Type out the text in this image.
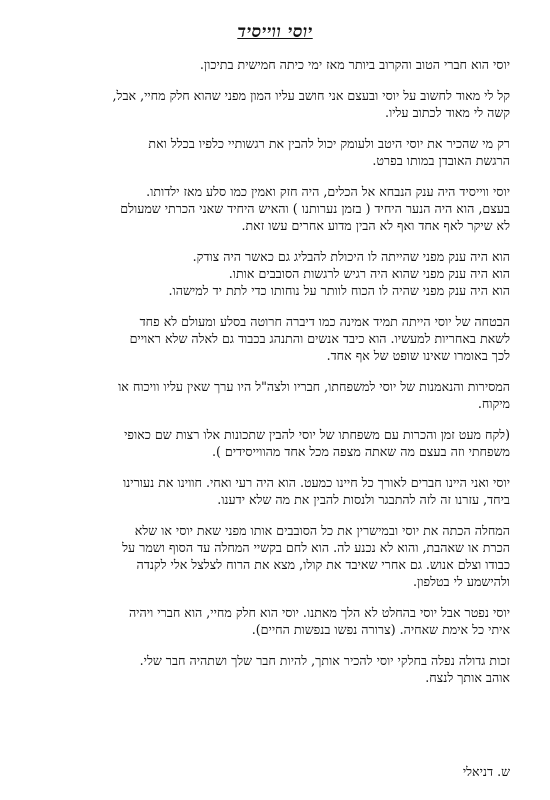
יוסי ווייסיד
יוסי הוא חברי הטוב והקרוב ביותר מאז ימי כיתה חמישית בתיכון.
קל לי מאוד לחשוב על יוסי ובעצם אני חושב עליו המון מפני שהוא חלק מחיי, אבל,
קשה לי מאוד לכתוב עליו.
רק מי שהכיר את יוסי היטב ולעומק יכול להבין את רגשותיי כלפיו בכלל ואת
הרגשת האובדן במותו בפרט.
יוסי ווייסיד היה ענק הנבחא אל הכלים, היה חזק ואמין כמו סלע מאז ילדותו.
בעצם, הוא היה הנער היחיד ( בזמן נערותנו ) והאיש היחיד שאני הכרתי שמעולם
לא שיקר לאף אחד ואף לא הבין מדוע אחרים עשו זאת.
הוא היה ענק מפני שהייתה לו היכולת להבליג גם כאשר היה צודק.
הוא היה ענק מפני שהוא היה רגיש לרגשות הסובבים אותו.
הוא היה ענק מפני שהיה לו הכוח לוותר על נוחותו כדי לתת יד למישהו.
הבטחה של יוסי הייתה תמיד אמינה כמו דיברה חרוטה בסלע ומעולם לא פחד
לשאת באחריות למעשיו. הוא כיבד אנשים והתנהג בכבוד גם לאלה שלא ראויים
לכך באומרו שאינו שופט של אף אחד.
המסירות והנאמנות של יוסי למשפחתו, חבריו ולצה"ל היו ערך שאין עליו וויכוח או
מיקוח.
(לקח מעט זמן והכרות עם משפחתו של יוסי להבין שתכונות אלו רצות שם כאופי
משפחתי וזה בעצם מה שאתה מצפה מכל אחד מהווייסידים ).
יוסי ואני היינו חברים לאורך כל חיינו כמעט. הוא היה רעי ואחי. חווינו את נעורינו
ביחד, עזרנו זה לזה להתבגר ולנסות להבין את מה שלא ידענו.
המחלה הכתה את יוסי ובמישרין את כל הסובבים אותו מפני שאת יוסי או שלא
הכרת או שאהבת, והוא לא נכנע לה. הוא לחם בקשיי המחלה עד הסוף ושמר על
כבודו וצלם אנוש. גם אחרי שאיבד את קולו, מצא את הרוח לצלצל אלי לקנדה
ולהישמע לי בטלפון.
יוסי נפטר אבל יוסי בהחלט לא הלך מאתנו. יוסי הוא חלק מחיי, הוא חברי ויהיה
איתי כל אימת שאחיה. (צרורה נפשו בנפשות החיים).
זכות גדולה נפלה בחלקי יוסי להכיר אותך, להיות חבר שלך ושתהיה חבר שלי.
אוהב אותך לנצח.
ש. דניאלי
